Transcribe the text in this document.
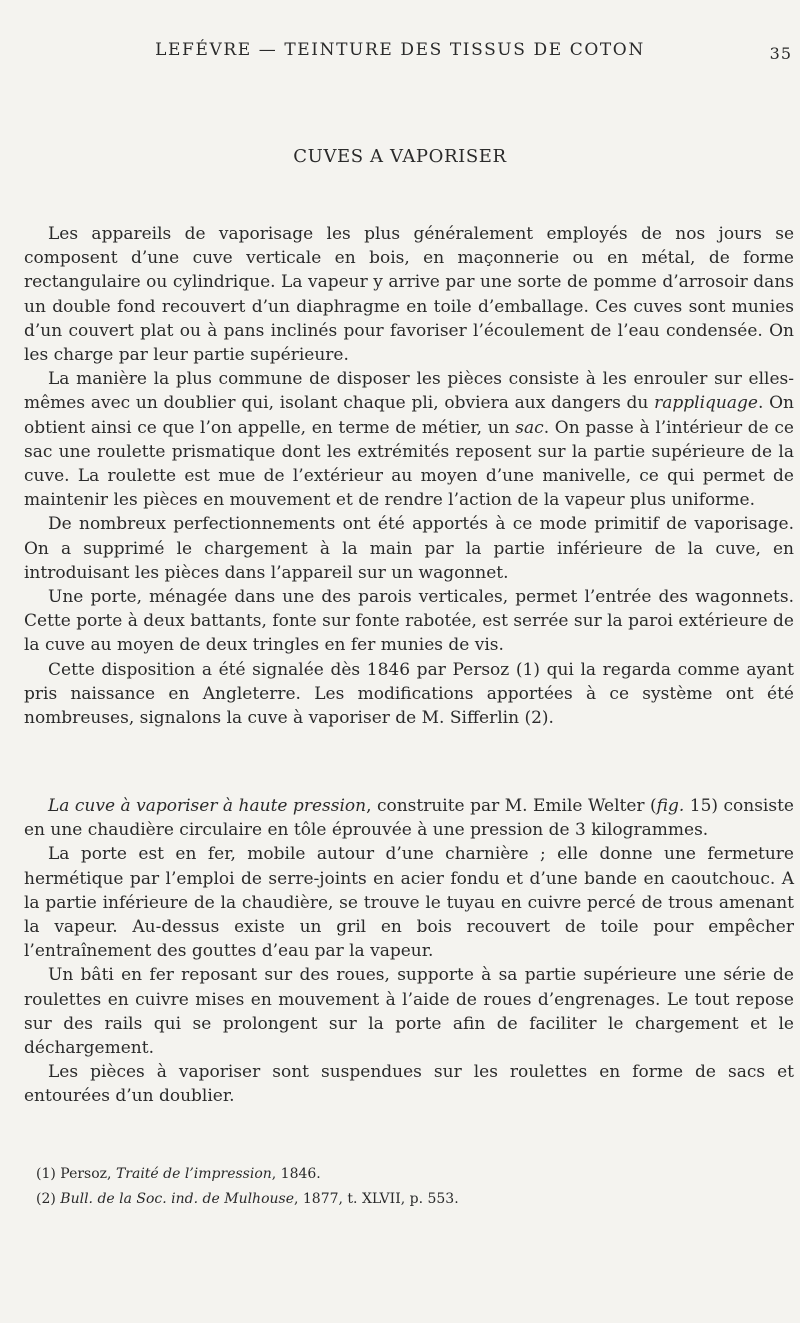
LEFÉVRE — TEINTURE DES TISSUS DE COTON	35
CUVES A VAPORISER

Les appareils de vaporisage les plus généralement employés de nos jours se composent d’une cuve verticale en bois, en maçonnerie ou en métal, de forme rectangulaire ou cylindrique. La vapeur y arrive par une sorte de pomme d’arrosoir dans un double fond recouvert d’un diaphragme en toile d’emballage. Ces cuves sont munies d’un couvert plat ou à pans inclinés pour favoriser l’écoulement de l’eau condensée. On les charge par leur partie supérieure.

La manière la plus commune de disposer les pièces consiste à les enrouler sur elles-mêmes avec un doublier qui, isolant chaque pli, obviera aux dangers du rappliquage. On obtient ainsi ce que l’on appelle, en terme de métier, un sac. On passe à l’intérieur de ce sac une roulette prismatique dont les extrémités reposent sur la partie supérieure de la cuve. La roulette est mue de l’extérieur au moyen d’une manivelle, ce qui permet de maintenir les pièces en mouvement et de rendre l’action de la vapeur plus uniforme.

De nombreux perfectionnements ont été apportés à ce mode primitif de vaporisage. On a supprimé le chargement à la main par la partie inférieure de la cuve, en introduisant les pièces dans l’appareil sur un wagonnet.

Une porte, ménagée dans une des parois verticales, permet l’entrée des wagonnets. Cette porte à deux battants, fonte sur fonte rabotée, est serrée sur la paroi extérieure de la cuve au moyen de deux tringles en fer munies de vis.

Cette disposition a été signalée dès 1846 par Persoz (1) qui la regarda comme ayant pris naissance en Angleterre. Les modifications apportées à ce système ont été nombreuses, signalons la cuve à vaporiser de M. Sifferlin (2).

La cuve à vaporiser à haute pression, construite par M. Emile Welter (fig. 15) consiste en une chaudière circulaire en tôle éprouvée à une pression de 3 kilogrammes.

La porte est en fer, mobile autour d’une charnière ; elle donne une fermeture hermétique par l’emploi de serre-joints en acier fondu et d’une bande en caoutchouc. A la partie inférieure de la chaudière, se trouve le tuyau en cuivre percé de trous amenant la vapeur. Au-dessus existe un gril en bois recouvert de toile pour empêcher l’entraînement des gouttes d’eau par la vapeur.

Un bâti en fer reposant sur des roues, supporte à sa partie supérieure une série de roulettes en cuivre mises en mouvement à l’aide de roues d’engrenages. Le tout repose sur des rails qui se prolongent sur la porte afin de faciliter le chargement et le déchargement.

Les pièces à vaporiser sont suspendues sur les roulettes en forme de sacs et entourées d’un doublier.

(1) Persoz, Traité de l’impression, 1846.

(2) Bull. de la Soc. ind. de Mulhouse, 1877, t. XLVII, p. 553.
